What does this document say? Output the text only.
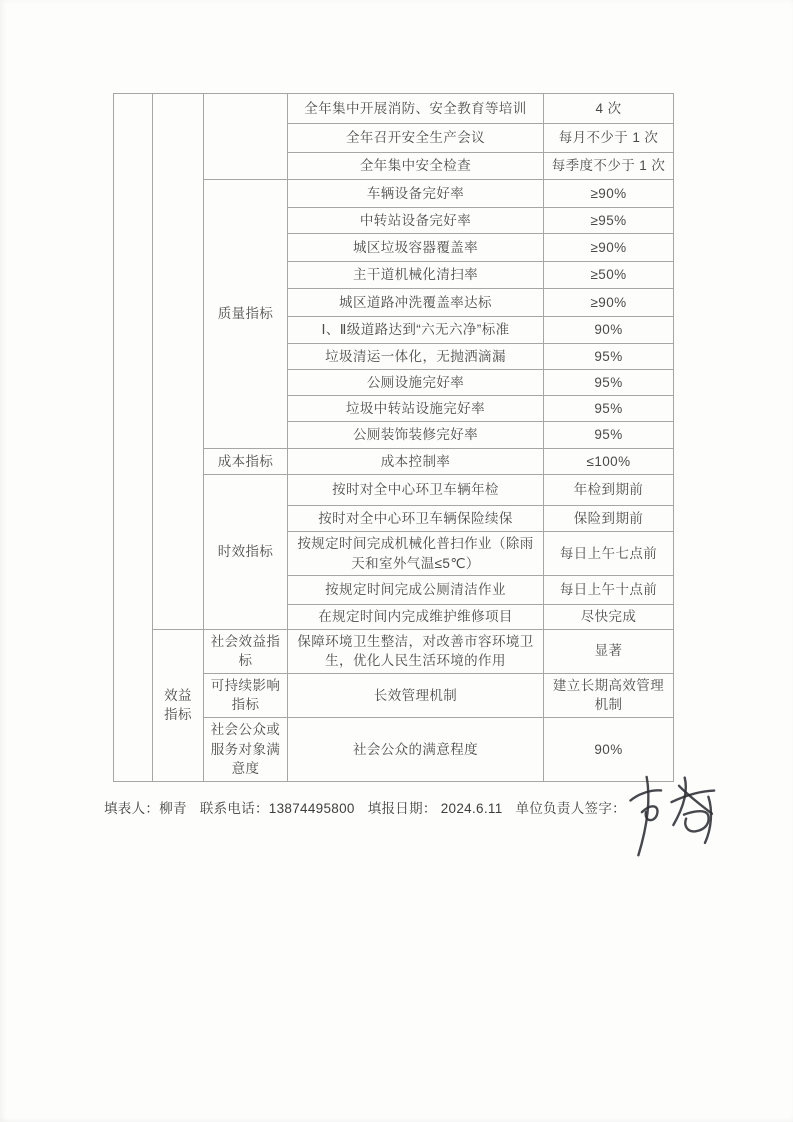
			全年集中开展消防、安全教育等培训	4 次
			全年召开安全生产会议	每月不少于 1 次
			全年集中安全检查	每季度不少于 1 次
		质量指标	车辆设备完好率	≥90%
			中转站设备完好率	≥95%
			城区垃圾容器覆盖率	≥90%
			主干道机械化清扫率	≥50%
			城区道路冲洗覆盖率达标	≥90%
			Ⅰ、Ⅱ级道路达到“六无六净”标准	90%
			垃圾清运一体化，无抛洒滴漏	95%
			公厕设施完好率	95%
			垃圾中转站设施完好率	95%
			公厕装饰装修完好率	95%
		成本指标	成本控制率	≤100%
		时效指标	按时对全中心环卫车辆年检	年检到期前
			按时对全中心环卫车辆保险续保	保险到期前
			按规定时间完成机械化普扫作业（除雨天和室外气温≤5℃）	每日上午七点前
			按规定时间完成公厕清洁作业	每日上午十点前
			在规定时间内完成维护维修项目	尽快完成
	效益指标	社会效益指标	保障环境卫生整洁，对改善市容环境卫生，优化人民生活环境的作用	显著
		可持续影响指标	长效管理机制	建立长期高效管理机制
		社会公众或服务对象满意度	社会公众的满意程度	90%
填表人：柳青 联系电话：13874495800 填报日期： 2024.6.11 单位负责人签字：
